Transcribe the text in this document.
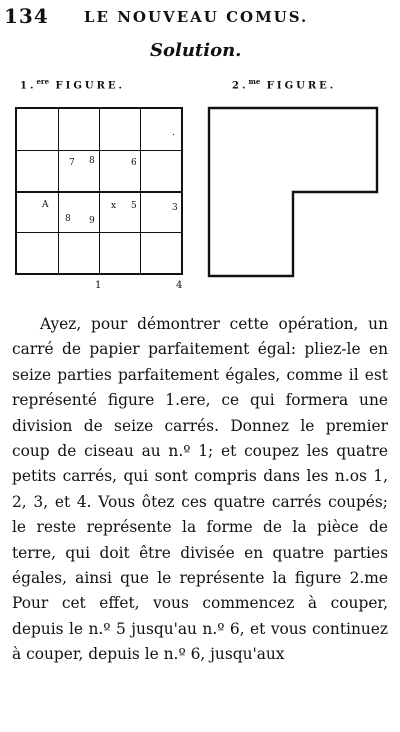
134 LE NOUVEAU COMUS.
Solution.
1.$^{ere}$ FIGURE.	2.$^{me}$ FIGURE.
.
7 8	6
A
8 9
x 5	3
1	4

Ayez, pour démontrer cette opération, un carré de papier parfaitement égal: pliez-le en seize parties parfaitement égales, comme il est représenté figure 1.ere, ce qui formera une division de seize carrés. Donnez le premier coup de ciseau au n.º 1; et coupez les quatre petits carrés, qui sont compris dans les n.os 1, 2, 3, et 4. Vous ôtez ces quatre carrés coupés; le reste représente la forme de la pièce de terre, qui doit être divisée en quatre parties égales, ainsi que le représente la figure 2.me Pour cet effet, vous commencez à couper, depuis le n.º 5 jusqu'au n.º 6, et vous continuez à couper, depuis le n.º 6, jusqu'aux
